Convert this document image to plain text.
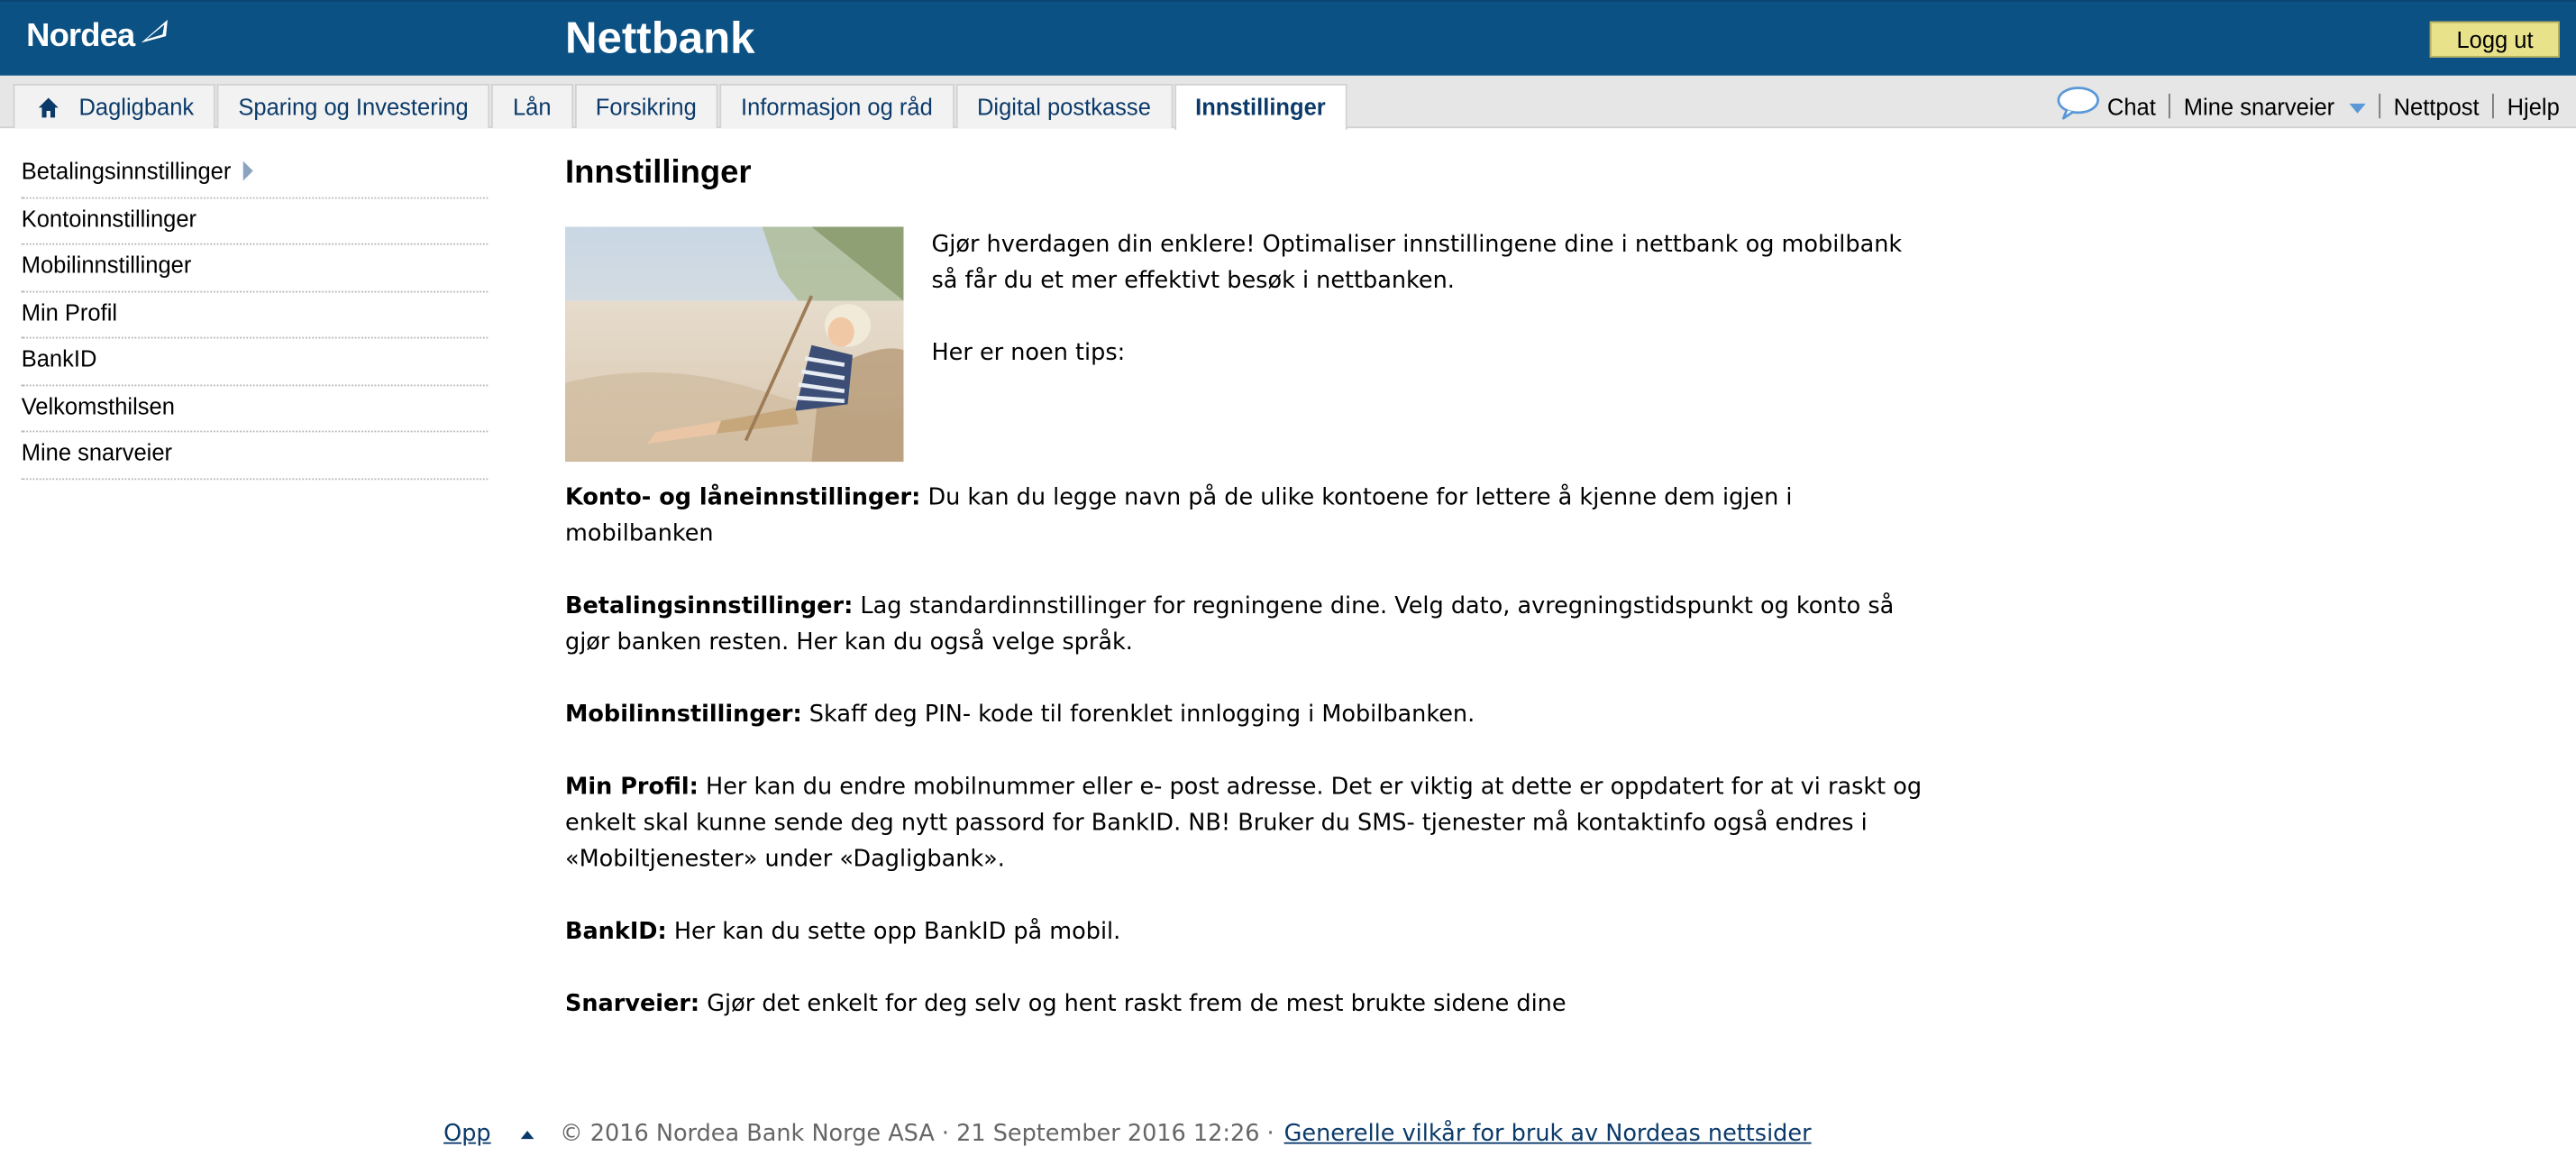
Nordea	Nettbank	Logg ut
Dagligbank	Sparing og Investering	Lån	Forsikring	Informasjon og råd	Digital postkasse	Innstillinger	Chat Mine snarveier	Nettpost Hjelp
Betalingsinnstillinger
Kontoinnstillinger
Mobilinnstillinger
Min Profil
BankID
Velkomsthilsen
Mine snarveier
Innstillinger

Gjør hverdagen din enklere! Optimaliser innstillingene dine i nettbank og mobilbank så får du et mer effektivt besøk i nettbanken.

Her er noen tips:

Konto- og låneinnstillinger: Du kan du legge navn på de ulike kontoene for lettere å kjenne dem igjen i mobilbanken

Betalingsinnstillinger: Lag standardinnstillinger for regningene dine. Velg dato, avregningstidspunkt og konto så gjør banken resten. Her kan du også velge språk.

Mobilinnstillinger: Skaff deg PIN- kode til forenklet innlogging i Mobilbanken.

Min Profil: Her kan du endre mobilnummer eller e- post adresse. Det er viktig at dette er oppdatert for at vi raskt og enkelt skal kunne sende deg nytt passord for BankID. NB! Bruker du SMS- tjenester må kontaktinfo også endres i «Mobiltjenester» under «Dagligbank».

BankID: Her kan du sette opp BankID på mobil.

Snarveier: Gjør det enkelt for deg selv og hent raskt frem de mest brukte sidene dine

Opp	© 2016 Nordea Bank Norge ASA · 21 September 2016 12:26 · Generelle vilkår for bruk av Nordeas nettsider
